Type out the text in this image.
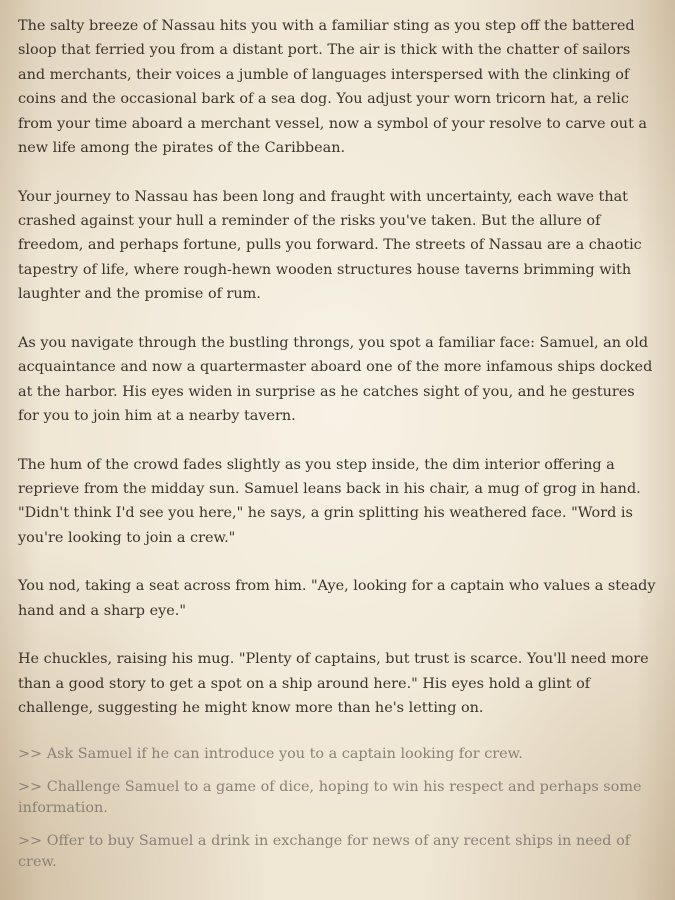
The salty breeze of Nassau hits you with a familiar sting as you step off the battered sloop that ferried you from a distant port. The air is thick with the chatter of sailors and merchants, their voices a jumble of languages interspersed with the clinking of coins and the occasional bark of a sea dog. You adjust your worn tricorn hat, a relic from your time aboard a merchant vessel, now a symbol of your resolve to carve out a new life among the pirates of the Caribbean.

Your journey to Nassau has been long and fraught with uncertainty, each wave that crashed against your hull a reminder of the risks you've taken. But the allure of freedom, and perhaps fortune, pulls you forward. The streets of Nassau are a chaotic tapestry of life, where rough-hewn wooden structures house taverns brimming with laughter and the promise of rum.

As you navigate through the bustling throngs, you spot a familiar face: Samuel, an old acquaintance and now a quartermaster aboard one of the more infamous ships docked at the harbor. His eyes widen in surprise as he catches sight of you, and he gestures for you to join him at a nearby tavern.

The hum of the crowd fades slightly as you step inside, the dim interior offering a reprieve from the midday sun. Samuel leans back in his chair, a mug of grog in hand. "Didn't think I'd see you here," he says, a grin splitting his weathered face. "Word is you're looking to join a crew."

You nod, taking a seat across from him. "Aye, looking for a captain who values a steady hand and a sharp eye."

He chuckles, raising his mug. "Plenty of captains, but trust is scarce. You'll need more than a good story to get a spot on a ship around here." His eyes hold a glint of challenge, suggesting he might know more than he's letting on.

>> Ask Samuel if he can introduce you to a captain looking for crew.
>> Challenge Samuel to a game of dice, hoping to win his respect and perhaps some information.
>> Offer to buy Samuel a drink in exchange for news of any recent ships in need of crew.
